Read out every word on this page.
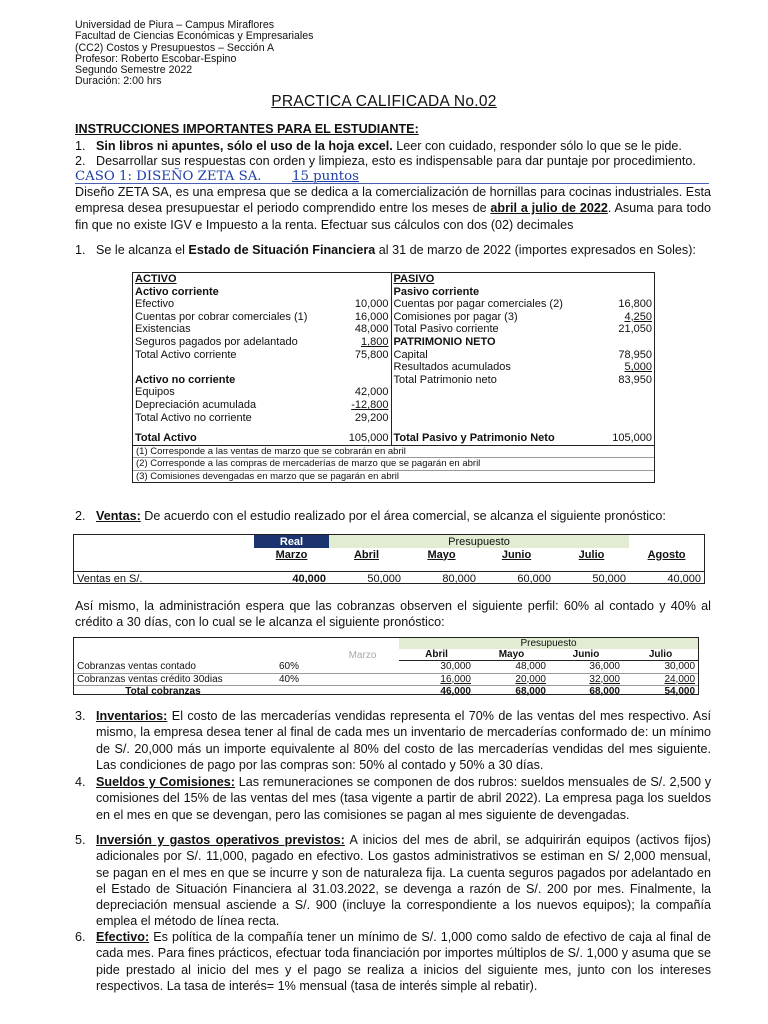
Universidad de Piura – Campus Miraflores
Facultad de Ciencias Económicas y Empresariales
(CC2) Costos y Presupuestos – Sección A
Profesor: Roberto Escobar-Espino
Segundo Semestre 2022
Duración: 2:00 hrs
PRACTICA CALIFICADA No.02
INSTRUCCIONES IMPORTANTES PARA EL ESTUDIANTE:
Sin libros ni apuntes, sólo el uso de la hoja excel. Leer con cuidado, responder sólo lo que se le pide.
1.
Desarrollar sus respuestas con orden y limpieza, esto es indispensable para dar puntaje por procedimiento.
2.
CASO 1: DISEÑO ZETA SA. 15 puntos
Diseño ZETA SA, es una empresa que se dedica a la comercialización de hornillas para cocinas industriales. Esta empresa desea presupuestar el periodo comprendido entre los meses de abril a julio de 2022. Asuma para todo fin que no existe IGV e Impuesto a la renta. Efectuar sus cálculos con dos (02) decimales
1. Se le alcanza el Estado de Situación Financiera al 31 de marzo de 2022 (importes expresados en Soles):
ACTIVO		PASIVO	
Activo corriente		Pasivo corriente	
Efectivo	10,000	Cuentas por pagar comerciales (2)	16,800
Cuentas por cobrar comerciales (1)	16,000	Comisiones por pagar (3)	4,250
Existencias	48,000	Total Pasivo corriente	21,050
Seguros pagados por adelantado	1,800	PATRIMONIO NETO	
Total Activo corriente	75,800	Capital	78,950
		Resultados acumulados	5,000
Activo no corriente		Total Patrimonio neto	83,950
Equipos	42,000		
Depreciación acumulada	-12,800		
Total Activo no corriente	29,200		

Total Activo	105,000	Total Pasivo y Patrimonio Neto	105,000
(1) Corresponde a las ventas de marzo que se cobrarán en abril
(2) Corresponde a las compras de mercaderías de marzo que se pagarán en abril
(3) Comisiones devengadas en marzo que se pagarán en abril
2. Ventas: De acuerdo con el estudio realizado por el área comercial, se alcanza el siguiente pronóstico:
		Real	Presupuesto				
		Marzo	Abril	Mayo	Junio	Julio	Agosto

Ventas en S/.		40,000	50,000	80,000	60,000	50,000	40,000
Así mismo, la administración espera que las cobranzas observen el siguiente perfil: 60% al contado y 40% al crédito a 30 días, con lo cual se le alcanza el siguiente pronóstico:
			Presupuesto			
		Marzo	Abril	Mayo	Junio	Julio
Cobranzas ventas contado	60%		30,000	48,000	36,000	30,000
Cobranzas ventas crédito 30dias	40%		16,000	20,000	32,000	24,000
Total cobranzas			46,000	68,000	68,000	54,000
3. Inventarios: El costo de las mercaderías vendidas representa el 70% de las ventas del mes respectivo. Así mismo, la empresa desea tener al final de cada mes un inventario de mercaderías conformado de: un mínimo de S/. 20,000 más un importe equivalente al 80% del costo de las mercaderías vendidas del mes siguiente. Las condiciones de pago por las compras son: 50% al contado y 50% a 30 días.
4. Sueldos y Comisiones: Las remuneraciones se componen de dos rubros: sueldos mensuales de S/. 2,500 y comisiones del 15% de las ventas del mes (tasa vigente a partir de abril 2022). La empresa paga los sueldos en el mes en que se devengan, pero las comisiones se pagan al mes siguiente de devengadas.
5. Inversión y gastos operativos previstos: A inicios del mes de abril, se adquirirán equipos (activos fijos) adicionales por S/. 11,000, pagado en efectivo. Los gastos administrativos se estiman en S/ 2,000 mensual, se pagan en el mes en que se incurre y son de naturaleza fija. La cuenta seguros pagados por adelantado en el Estado de Situación Financiera al 31.03.2022, se devenga a razón de S/. 200 por mes. Finalmente, la depreciación mensual asciende a S/. 900 (incluye la correspondiente a los nuevos equipos); la compañía emplea el método de línea recta.
6. Efectivo: Es política de la compañía tener un mínimo de S/. 1,000 como saldo de efectivo de caja al final de cada mes. Para fines prácticos, efectuar toda financiación por importes múltiplos de S/. 1,000 y asuma que se pide prestado al inicio del mes y el pago se realiza a inicios del siguiente mes, junto con los intereses respectivos. La tasa de interés= 1% mensual (tasa de interés simple al rebatir).
